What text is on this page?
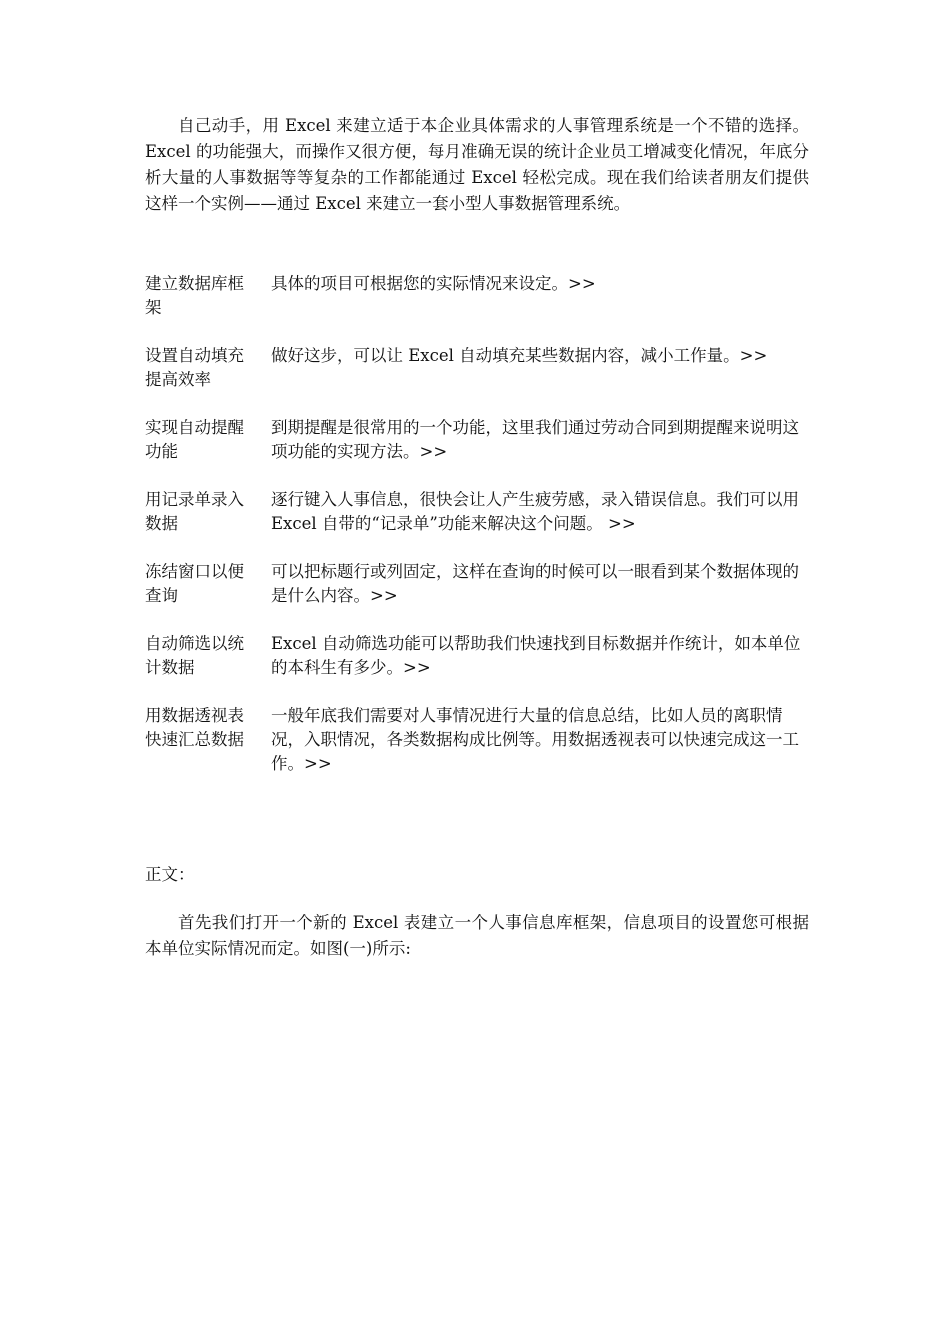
自己动手，用 Excel 来建立适于本企业具体需求的人事管理系统是一个不错的选择。Excel 的功能强大，而操作又很方便，每月准确无误的统计企业员工增减变化情况，年底分析大量的人事数据等等复杂的工作都能通过 Excel 轻松完成。现在我们给读者朋友们提供这样一个实例——通过 Excel 来建立一套小型人事数据管理系统。

建立数据库框架
具体的项目可根据您的实际情况来设定。>>
设置自动填充提高效率
做好这步，可以让 Excel 自动填充某些数据内容，减小工作量。>>
实现自动提醒功能
到期提醒是很常用的一个功能，这里我们通过劳动合同到期提醒来说明这项功能的实现方法。>>
用记录单录入数据
逐行键入人事信息，很快会让人产生疲劳感，录入错误信息。我们可以用 Excel 自带的“记录单”功能来解决这个问题。 >>
冻结窗口以便查询
可以把标题行或列固定，这样在查询的时候可以一眼看到某个数据体现的是什么内容。>>
自动筛选以统计数据
Excel 自动筛选功能可以帮助我们快速找到目标数据并作统计，如本单位的本科生有多少。>>
用数据透视表快速汇总数据
一般年底我们需要对人事情况进行大量的信息总结，比如人员的离职情况，入职情况，各类数据构成比例等。用数据透视表可以快速完成这一工作。>>

正文：

首先我们打开一个新的 Excel 表建立一个人事信息库框架，信息项目的设置您可根据本单位实际情况而定。如图(一)所示:
